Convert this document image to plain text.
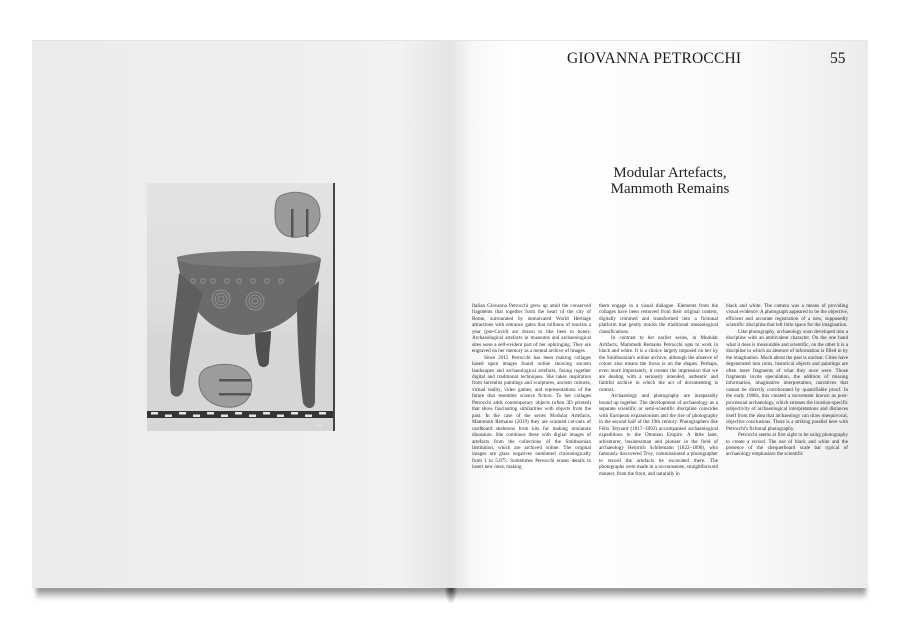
57
GIOVANNA PETROCCHI	55
Modular Artefacts,
Mammoth Remains

Italian Giovanna Petrocchi grew up amid the conserved fragments that together form the heart of the city of Rome, surrounded by demarcated World Heritage attractions with entrance gates that millions of tourists a year (pre-Covid) are drawn to like bees to honey. Archaeological artefacts in museums and archaeological sites were a self-evident part of her upbringing. They are engraved on her memory as a mental archive of images.

Since 2015 Petrocchi has been making collages based upon images found online showing ancient landscapes and archaeological artefacts, fusing together digital and traditional techniques. She takes inspiration from surrealist paintings and sculptures, ancient cultures, virtual reality, video games, and representations of the future that resemble science fiction. To her collages Petrocchi adds contemporary objects (often 3D printed) that show fascinating similarities with objects from the past. In the case of the series Modular Artefacts, Mammoth Remains (2019) they are scanned cut-outs of cardboard skeletons from kits for making miniature dinosaurs. She combines these with digital images of artefacts from the collections of the Smithsonian Institution, which are archived online. The original images are glass negatives numbered chronologically from 1 to 5,075. Sometimes Petrocchi erases details to insert new ones, making

them engage in a visual dialogue. Elements from the collages have been removed from their original context, digitally trimmed and transformed into a fictional platform that gently mocks the traditional museological classifications.

In contrast to her earlier series, in Modular Artifacts, Mammoth Remains Petrocchi opts to work in black and white. It is a choice largely imposed on her by the Smithsonian's online archive, although the absence of colour also means the focus is on the shapes. Perhaps, even more importantly, it creates the impression that we are dealing with a seriously intended, authentic and faithful archive in which the act of documenting is central.

Archaeology and photography are inseparably bound up together. The development of archaeology as a separate scientific or semi-scientific discipline coincides with European expansionism and the rise of photography in the second half of the 19th century. Photographers like Félix Teynard (1817–1892) accompanied archaeological expeditions to the Ottoman Empire. A little later, adventurer, businessman and pioneer in the field of archaeology Heinrich Schliemann (1822–1890), who famously discovered Troy, commissioned a photographer to record the artefacts he excavated there. The photographs were made in a no-nonsense, straightforward manner, from the front, and naturally in

black and white. The camera was a means of providing visual evidence. A photograph appeared to be the objective, efficient and accurate registration of a new, supposedly scientific discipline that left little space for the imagination.

Like photography, archaeology soon developed into a discipline with an ambivalent character. On the one hand what it does is measurable and scientific, on the other it is a discipline in which an absence of information is filled in by the imagination. Much about the past is unclear. Cities have degenerated into ruins, historical objects and paintings are often mere fragments of what they once were. Those fragments invite speculation, the addition of missing information, imaginative interpretation, narratives that cannot be directly corroborated by quantifiable proof. In the early 1980s, this created a movement known as post-processual archaeology, which stresses the location-specific subjectivity of archaeological interpretations and distances itself from the idea that archaeology can draw unequivocal, objective conclusions. There is a striking parallel here with Petrocchi's fictional photography.

Petrocchi seems at first sight to be using photography to create a record. The use of black and white and the presence of the chequerboard scale bar typical of archaeology emphasizes the scientific
